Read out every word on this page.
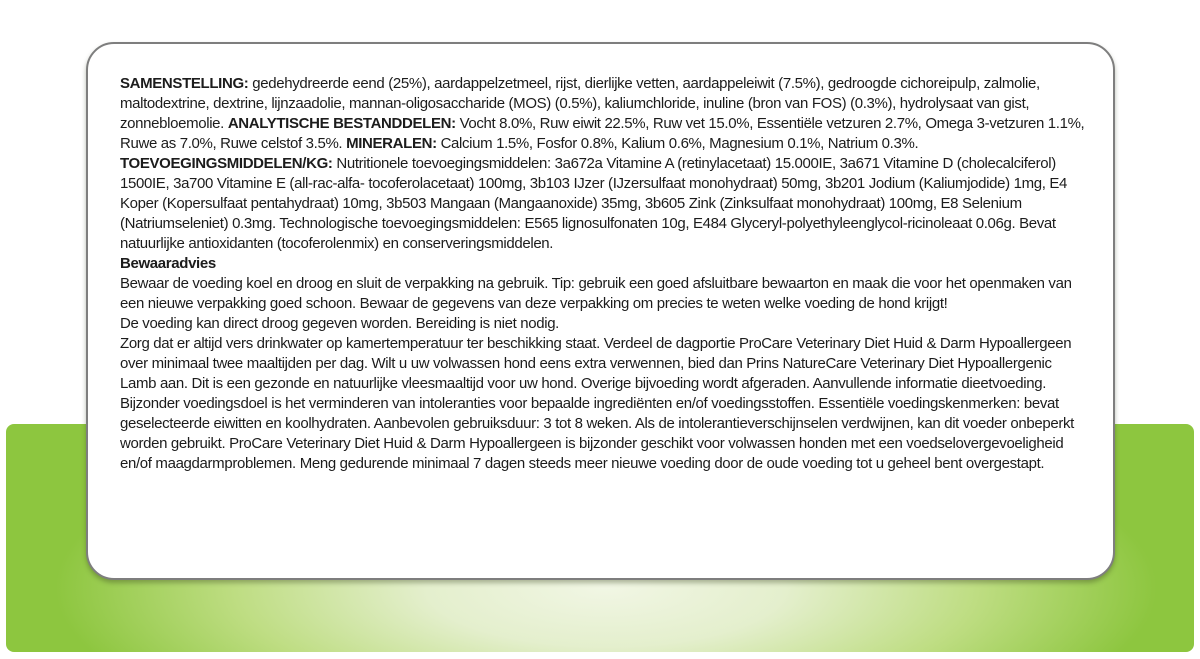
SAMENSTELLING: gedehydreerde eend (25%), aardappelzetmeel, rijst, dierlijke vetten, aardappeleiwit (7.5%), gedroogde cichoreipulp, zalmolie, maltodextrine, dextrine, lijnzaadolie, mannan-oligosaccharide (MOS) (0.5%), kaliumchloride, inuline (bron van FOS) (0.3%), hydrolysaat van gist, zonnebloemolie. ANALYTISCHE BESTANDDELEN: Vocht 8.0%, Ruw eiwit 22.5%, Ruw vet 15.0%, Essentiële vetzuren 2.7%, Omega 3-vetzuren 1.1%, Ruwe as 7.0%, Ruwe celstof 3.5%. MINERALEN: Calcium 1.5%, Fosfor 0.8%, Kalium 0.6%, Magnesium 0.1%, Natrium 0.3%.

TOEVOEGINGSMIDDELEN/KG: Nutritionele toevoegingsmiddelen: 3a672a Vitamine A (retinylacetaat) 15.000IE, 3a671 Vitamine D (cholecalciferol) 1500IE, 3a700 Vitamine E (all-rac-alfa- tocoferolacetaat) 100mg, 3b103 IJzer (IJzersulfaat monohydraat) 50mg, 3b201 Jodium (Kaliumjodide) 1mg, E4 Koper (Kopersulfaat pentahydraat) 10mg, 3b503 Mangaan (Mangaanoxide) 35mg, 3b605 Zink (Zinksulfaat monohydraat) 100mg, E8 Selenium (Natriumseleniet) 0.3mg. Technologische toevoegingsmiddelen: E565 lignosulfonaten 10g, E484 Glyceryl-polyethyleenglycol-ricinoleaat 0.06g. Bevat natuurlijke antioxidanten (tocoferolenmix) en conserveringsmiddelen.

Bewaaradvies

Bewaar de voeding koel en droog en sluit de verpakking na gebruik. Tip: gebruik een goed afsluitbare bewaarton en maak die voor het openmaken van een nieuwe verpakking goed schoon. Bewaar de gegevens van deze verpakking om precies te weten welke voeding de hond krijgt!

De voeding kan direct droog gegeven worden. Bereiding is niet nodig.

Zorg dat er altijd vers drinkwater op kamertemperatuur ter beschikking staat. Verdeel de dagportie ProCare Veterinary Diet Huid & Darm Hypoallergeen over minimaal twee maaltijden per dag. Wilt u uw volwassen hond eens extra verwennen, bied dan Prins NatureCare Veterinary Diet Hypoallergenic Lamb aan. Dit is een gezonde en natuurlijke vleesmaaltijd voor uw hond. Overige bijvoeding wordt afgeraden. Aanvullende informatie dieetvoeding. Bijzonder voedingsdoel is het verminderen van intoleranties voor bepaalde ingrediënten en/of voedingsstoffen. Essentiële voedingskenmerken: bevat geselecteerde eiwitten en koolhydraten. Aanbevolen gebruiksduur: 3 tot 8 weken. Als de intolerantieverschijnselen verdwijnen, kan dit voeder onbeperkt worden gebruikt. ProCare Veterinary Diet Huid & Darm Hypoallergeen is bijzonder geschikt voor volwassen honden met een voedselovergevoeligheid en/of maagdarmproblemen. Meng gedurende minimaal 7 dagen steeds meer nieuwe voeding door de oude voeding tot u geheel bent overgestapt.
